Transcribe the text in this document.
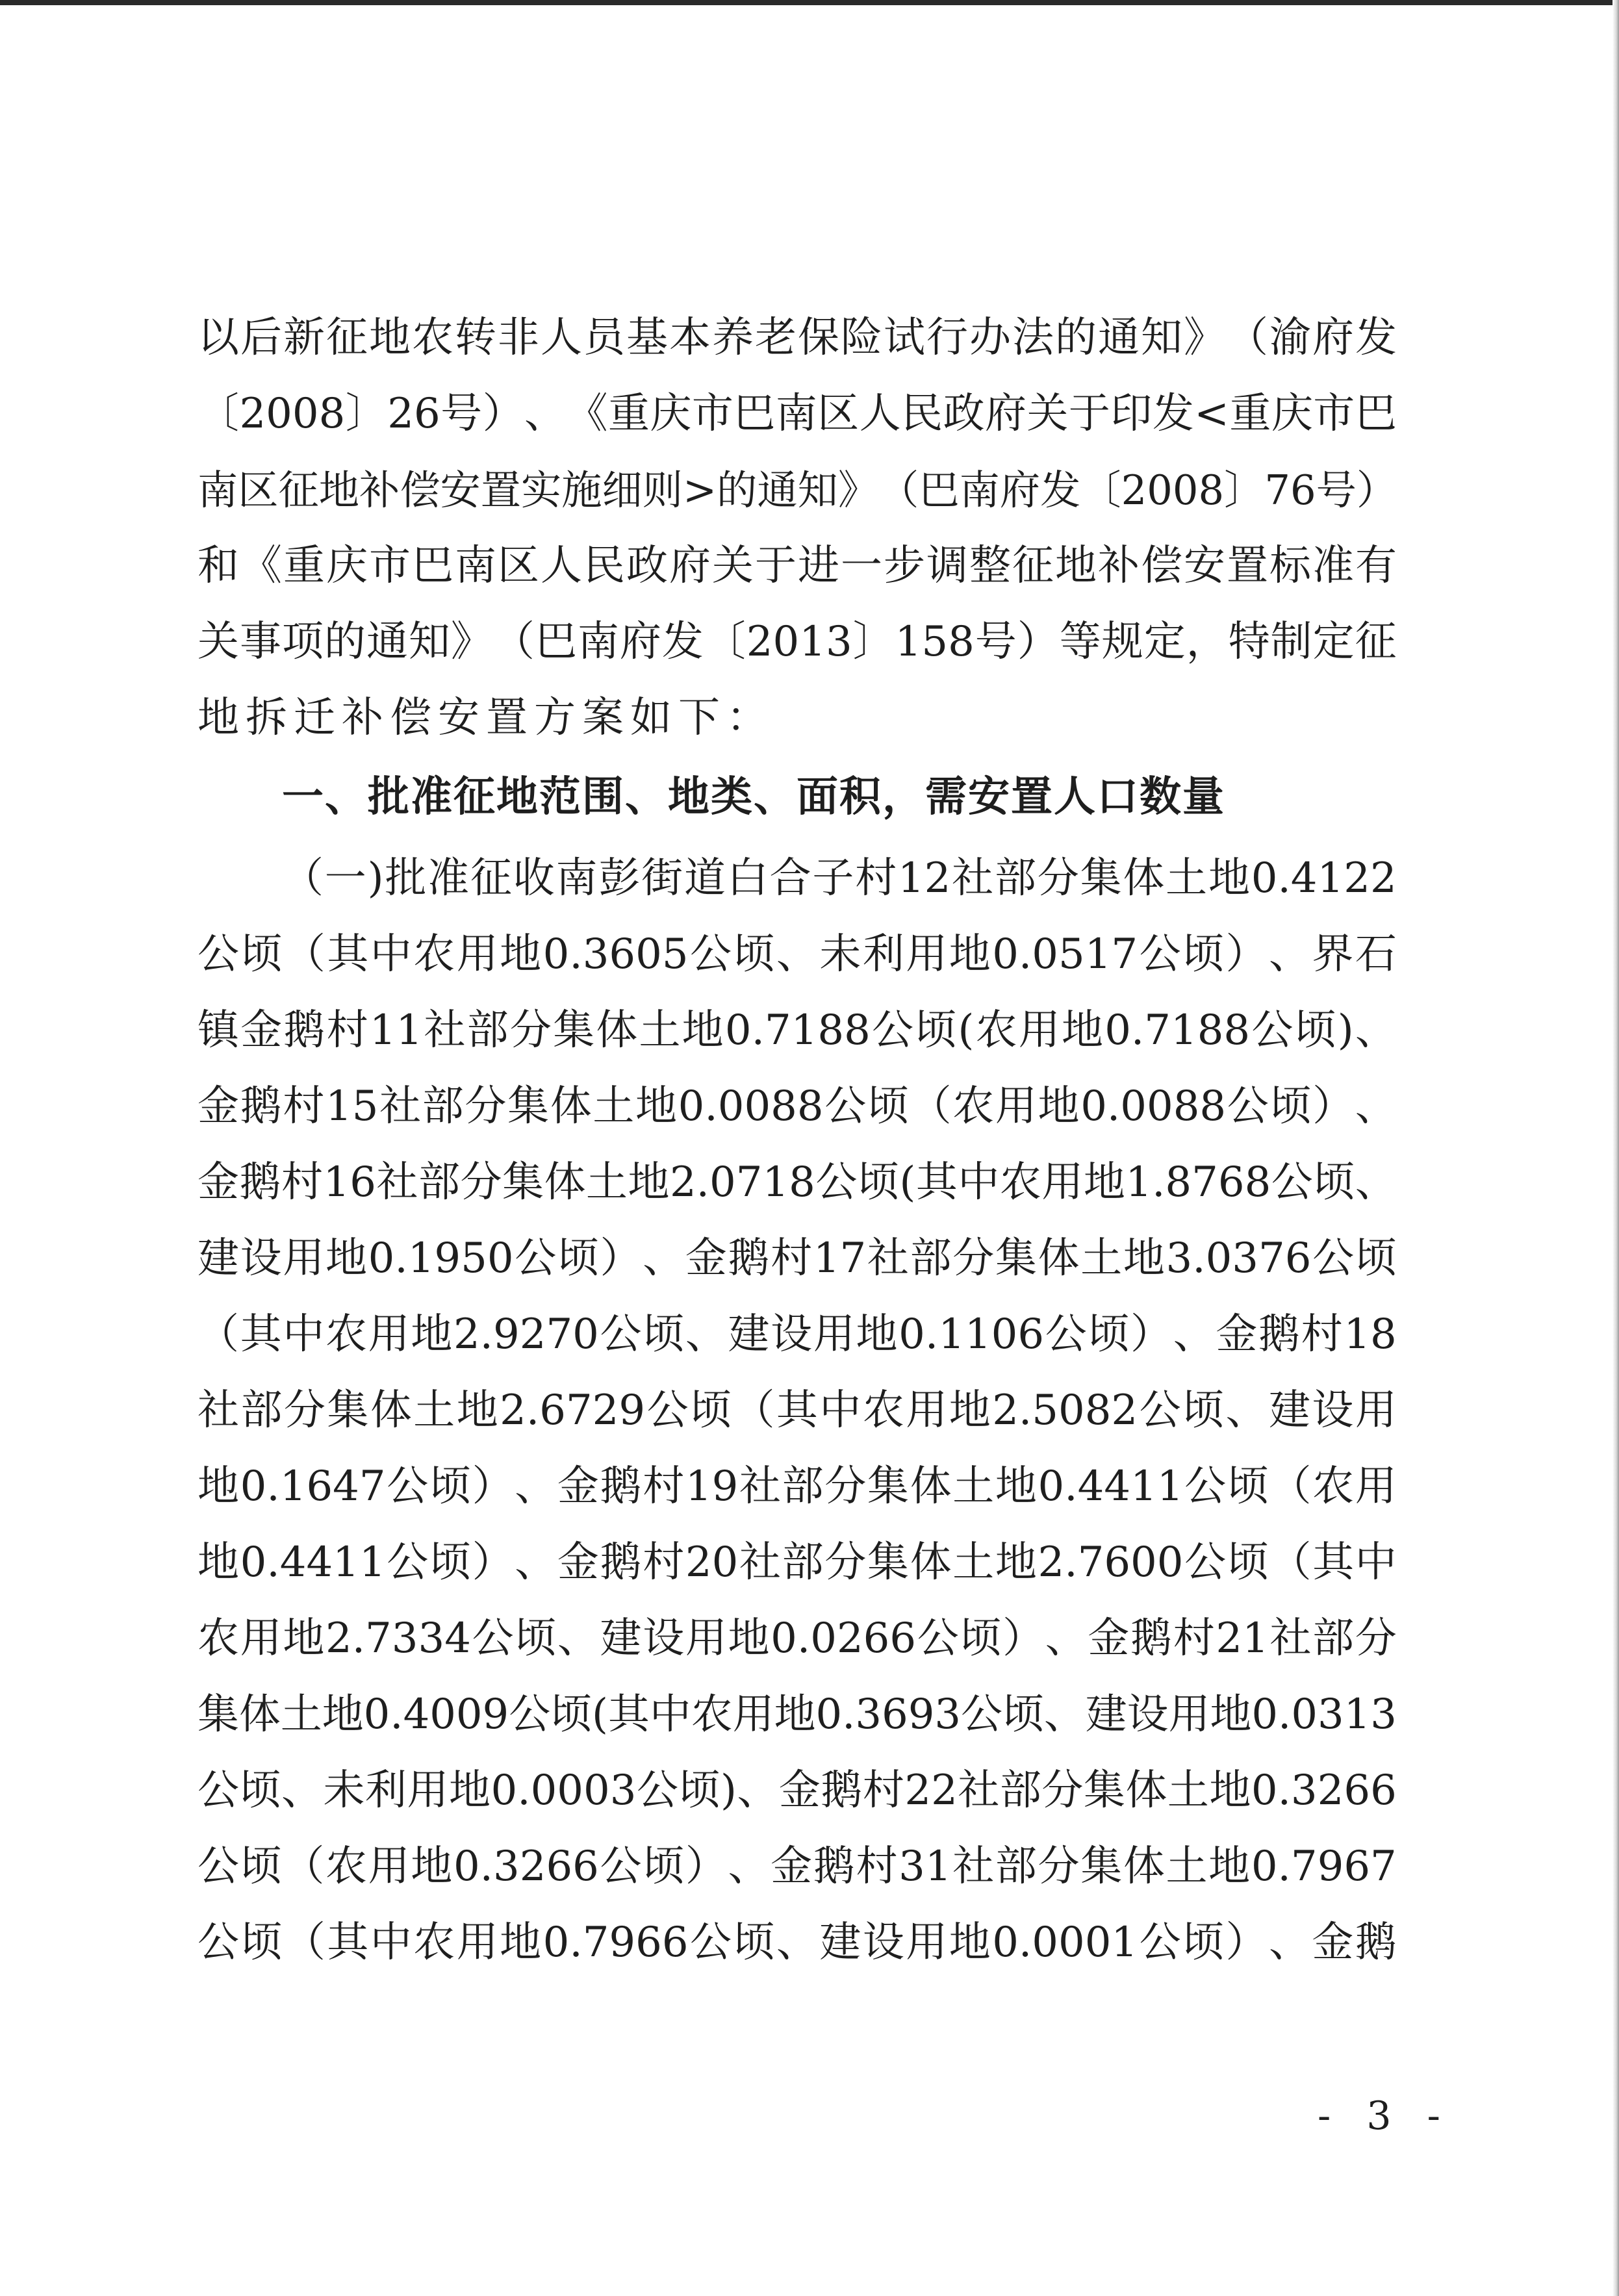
以 后 新 征 地 农 转 非 人 员 基 本 养 老 保 险 试 行 办 法 的 通 知 》 （ 渝 府 发
〔 2008 〕 26 号 ） 、 《 重 庆 市 巴 南 区 人 民 政 府 关 于 印 发 < 重 庆 市 巴
南 区 征 地 补 偿 安 置 实 施 细 则 > 的 通 知 》 （ 巴 南 府 发 〔 2008 〕 76 号 ）
和 《 重 庆 市 巴 南 区 人 民 政 府 关 于 进 一 步 调 整 征 地 补 偿 安 置 标 准 有
关 事 项 的 通 知 》 （ 巴 南 府 发 〔 2013 〕 158 号 ） 等 规 定 ， 特 制 定 征
地拆迁补偿安置方案如下：
一、批准征地范围、地类、面积，需安置人口数量
（ 一 ) 批 准 征 收 南 彭 街 道 白 合 子 村 12 社 部 分 集 体 土 地 0.4122
公 顷 （ 其 中 农 用 地 0.3605 公 顷 、 未 利 用 地 0.0517 公 顷 ） 、 界 石
镇 金 鹅 村 11 社 部 分 集 体 土 地 0.7188 公 顷 ( 农 用 地 0.7188 公 顷 ) 、
金 鹅 村 15 社 部 分 集 体 土 地 0.0088 公 顷 （ 农 用 地 0.0088 公 顷 ） 、
金 鹅 村 16 社 部 分 集 体 土 地 2.0718 公 顷 ( 其 中 农 用 地 1.8768 公 顷 、
建 设 用 地 0.1950 公 顷 ） 、 金 鹅 村 17 社 部 分 集 体 土 地 3.0376 公 顷
（ 其 中 农 用 地 2.9270 公 顷 、 建 设 用 地 0.1106 公 顷 ） 、 金 鹅 村 18
社 部 分 集 体 土 地 2.6729 公 顷 （ 其 中 农 用 地 2.5082 公 顷 、 建 设 用
地 0.1647 公 顷 ） 、 金 鹅 村 19 社 部 分 集 体 土 地 0.4411 公 顷 （ 农 用
地 0.4411 公 顷 ） 、 金 鹅 村 20 社 部 分 集 体 土 地 2.7600 公 顷 （ 其 中
农 用 地 2.7334 公 顷 、 建 设 用 地 0.0266 公 顷 ） 、 金 鹅 村 21 社 部 分
集 体 土 地 0.4009 公 顷 ( 其 中 农 用 地 0.3693 公 顷 、 建 设 用 地 0.0313
公 顷 、 未 利 用 地 0.0003 公 顷 ) 、 金 鹅 村 22 社 部 分 集 体 土 地 0.3266
公 顷 （ 农 用 地 0.3266 公 顷 ） 、 金 鹅 村 31 社 部 分 集 体 土 地 0.7967
公 顷 （ 其 中 农 用 地 0.7966 公 顷 、 建 设 用 地 0.0001 公 顷 ） 、 金 鹅
- 3 -
